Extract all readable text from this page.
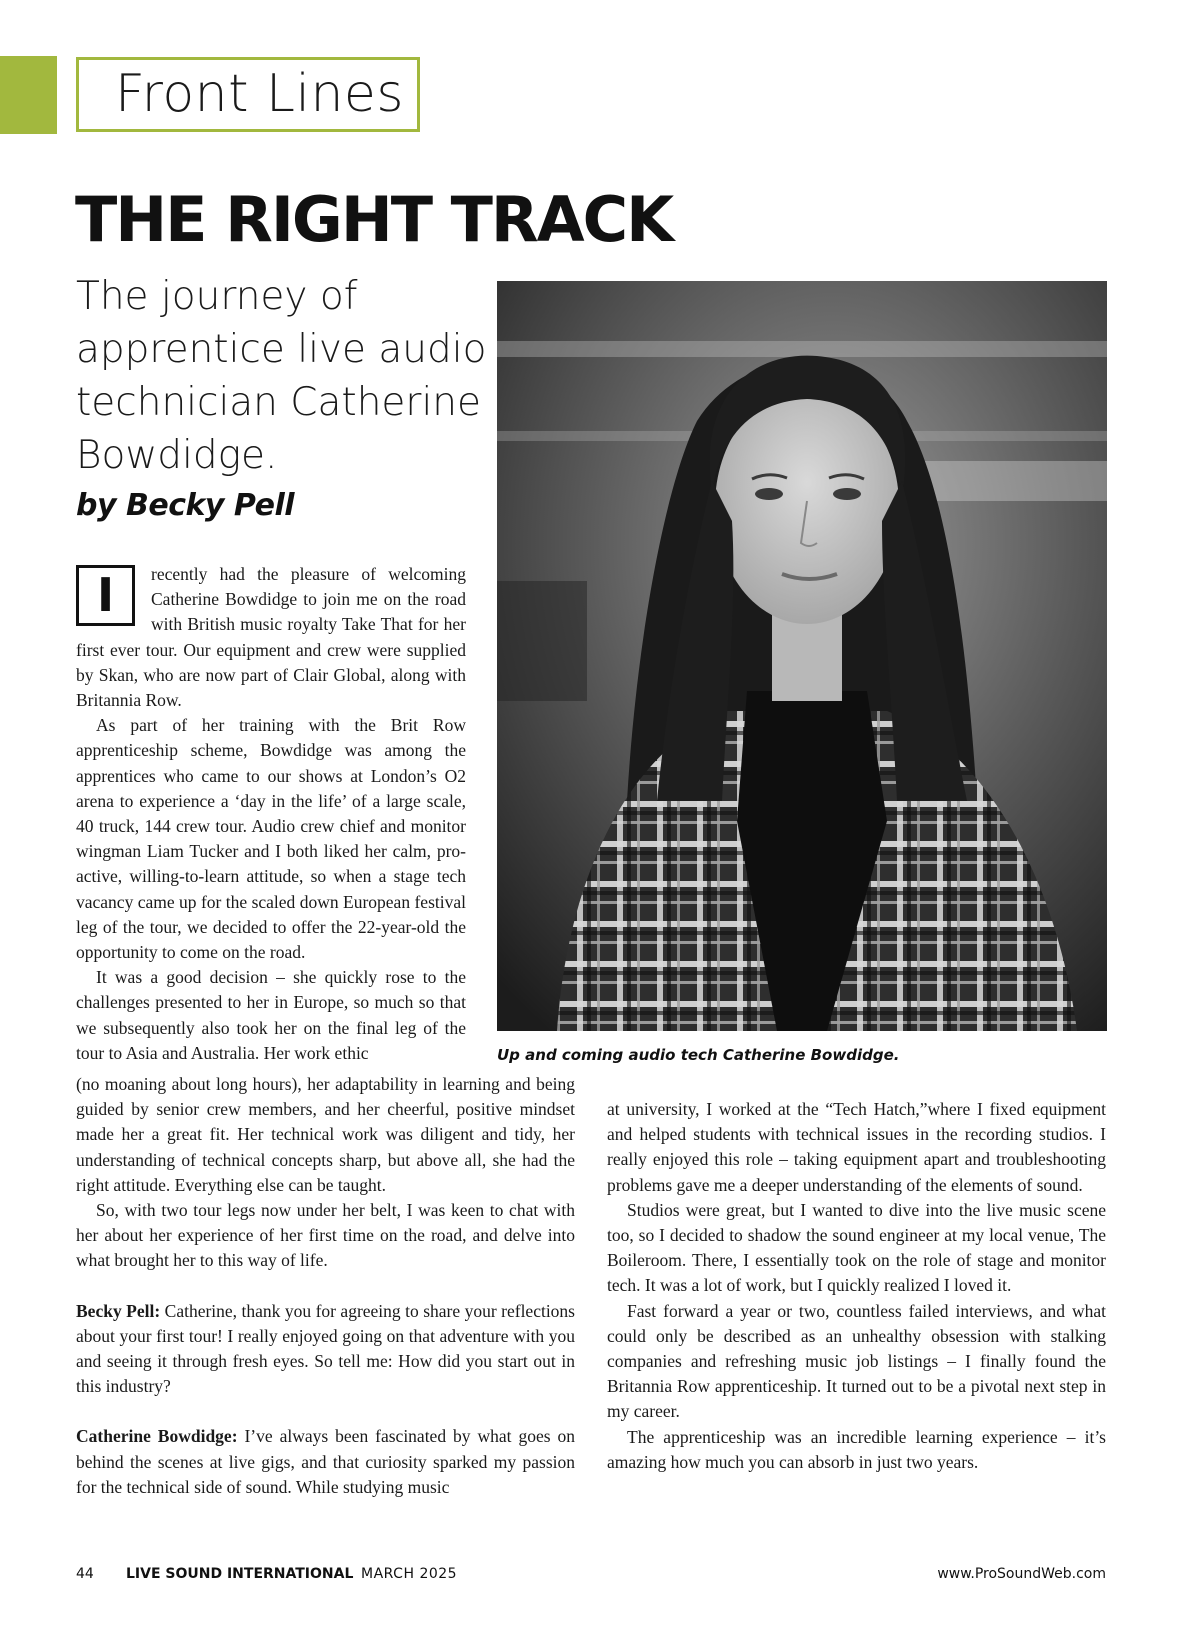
Front Lines
THE RIGHT TRACK
The journey of apprentice live audio technician Catherine Bowdidge.
by Becky Pell
Up and coming audio tech Catherine Bowdidge.

I	recently had the pleasure of welcoming Catherine Bowdidge to join me on the road with British music royalty Take That for her first ever tour. Our equipment and crew were supplied by Skan, who are now part of Clair Global, along with Britannia Row.

As part of her training with the Brit Row apprenticeship scheme, Bowdidge was among the apprentices who came to our shows at London’s O2 arena to experience a ‘day in the life’ of a large scale, 40 truck, 144 crew tour. Audio crew chief and monitor wingman Liam Tucker and I both liked her calm, pro-active, willing-to-learn attitude, so when a stage tech vacancy came up for the scaled down European festival leg of the tour, we decided to offer the 22-year-old the opportunity to come on the road.

It was a good decision – she quickly rose to the challenges presented to her in Europe, so much so that we subsequently also took her on the final leg of the tour to Asia and Australia. Her work ethic

(no moaning about long hours), her adaptability in learning and being guided by senior crew members, and her cheerful, positive mindset made her a great fit. Her technical work was diligent and tidy, her understanding of technical concepts sharp, but above all, she had the right attitude. Everything else can be taught.

So, with two tour legs now under her belt, I was keen to chat with her about her experience of her first time on the road, and delve into what brought her to this way of life.

Becky Pell: Catherine, thank you for agreeing to share your reflections about your first tour! I really enjoyed going on that adventure with you and seeing it through fresh eyes. So tell me: How did you start out in this industry?

Catherine Bowdidge: I’ve always been fascinated by what goes on behind the scenes at live gigs, and that curiosity sparked my passion for the technical side of sound. While studying music

at university, I worked at the “Tech Hatch,”where I fixed equipment and helped students with technical issues in the recording studios. I really enjoyed this role – taking equipment apart and troubleshooting problems gave me a deeper understanding of the elements of sound.

Studios were great, but I wanted to dive into the live music scene too, so I decided to shadow the sound engineer at my local venue, The Boileroom. There, I essentially took on the role of stage and monitor tech. It was a lot of work, but I quickly realized I loved it.

Fast forward a year or two, countless failed interviews, and what could only be described as an unhealthy obsession with stalking companies and refreshing music job listings – I finally found the Britannia Row apprenticeship. It turned out to be a pivotal next step in my career.

The apprenticeship was an incredible learning experience – it’s amazing how much you can absorb in just two years.

44 LIVE SOUND INTERNATIONAL MARCH 2025	www.ProSoundWeb.com
